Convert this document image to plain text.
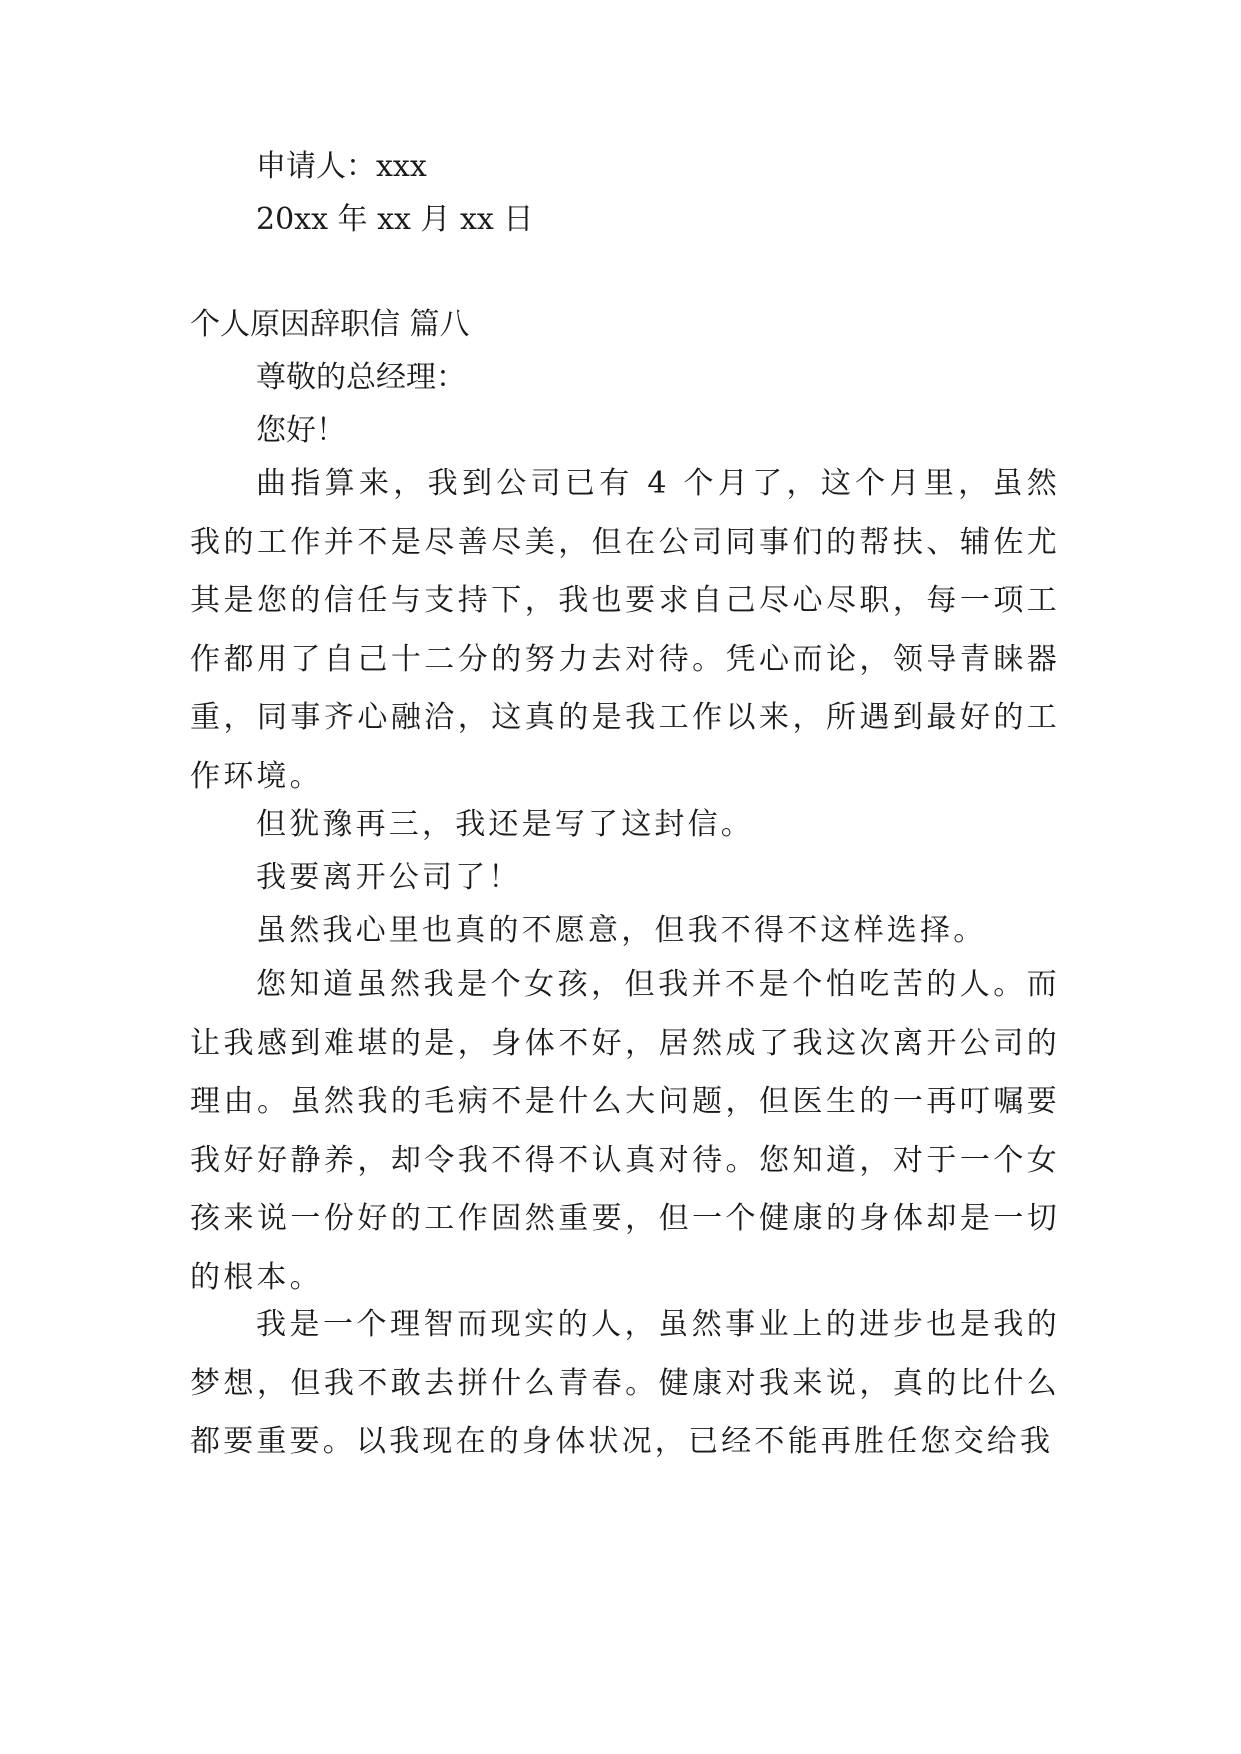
申请人：xxx
20xx 年 xx 月 xx 日
个人原因辞职信 篇八
尊敬的总经理：
您好！
曲指算来，我到公司已有 4 个月了，这个月里，虽然我的工作并不是尽善尽美，但在公司同事们的帮扶、辅佐尤其是您的信任与支持下，我也要求自己尽心尽职，每一项工作都用了自己十二分的努力去对待。凭心而论，领导青睐器重，同事齐心融洽，这真的是我工作以来，所遇到最好的工作环境。
但犹豫再三，我还是写了这封信。
我要离开公司了！
虽然我心里也真的不愿意，但我不得不这样选择。
您知道虽然我是个女孩，但我并不是个怕吃苦的人。而让我感到难堪的是，身体不好，居然成了我这次离开公司的理由。虽然我的毛病不是什么大问题，但医生的一再叮嘱要我好好静养，却令我不得不认真对待。您知道，对于一个女孩来说一份好的工作固然重要，但一个健康的身体却是一切的根本。
我是一个理智而现实的人，虽然事业上的进步也是我的梦想，但我不敢去拼什么青春。健康对我来说，真的比什么都要重要。以我现在的身体状况，已经不能再胜任您交给我
